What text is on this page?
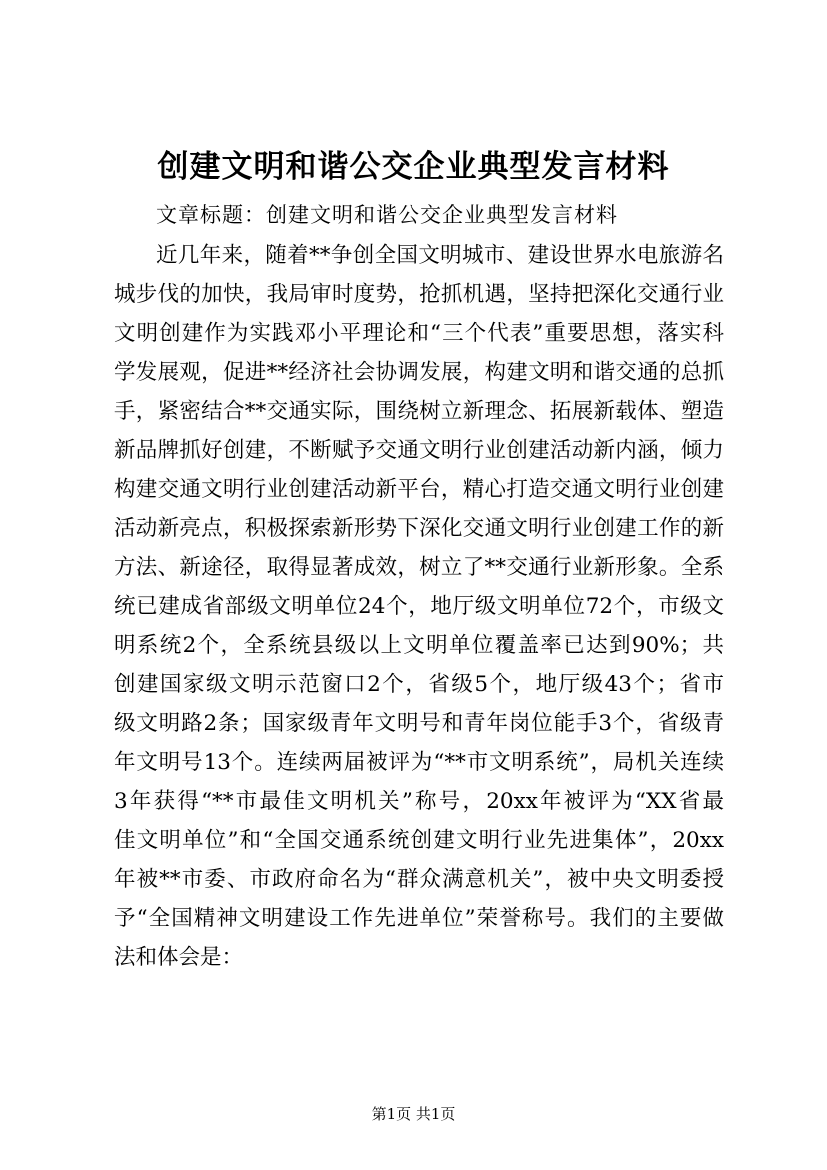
创建文明和谐公交企业典型发言材料
文章标题：创建文明和谐公交企业典型发言材料
近几年来，随着**争创全国文明城市、建设世界水电旅游名
城步伐的加快，我局审时度势，抢抓机遇，坚持把深化交通行业
文明创建作为实践邓小平理论和“三个代表”重要思想，落实科
学发展观，促进**经济社会协调发展，构建文明和谐交通的总抓
手，紧密结合**交通实际，围绕树立新理念、拓展新载体、塑造
新品牌抓好创建，不断赋予交通文明行业创建活动新内涵，倾力
构建交通文明行业创建活动新平台，精心打造交通文明行业创建
活动新亮点，积极探索新形势下深化交通文明行业创建工作的新
方法、新途径，取得显著成效，树立了**交通行业新形象。全系
统已建成省部级文明单位24个，地厅级文明单位72个，市级文
明系统2个，全系统县级以上文明单位覆盖率已达到90%；共
创建国家级文明示范窗口2个，省级5个，地厅级43个；省市
级文明路2条；国家级青年文明号和青年岗位能手3个，省级青
年文明号13个。连续两届被评为“**市文明系统”，局机关连续
3年获得“**市最佳文明机关”称号，20xx年被评为“XX省最
佳文明单位”和“全国交通系统创建文明行业先进集体”，20xx
年被**市委、市政府命名为“群众满意机关”，被中央文明委授
予“全国精神文明建设工作先进单位”荣誉称号。我们的主要做
法和体会是：
第1页 共1页
